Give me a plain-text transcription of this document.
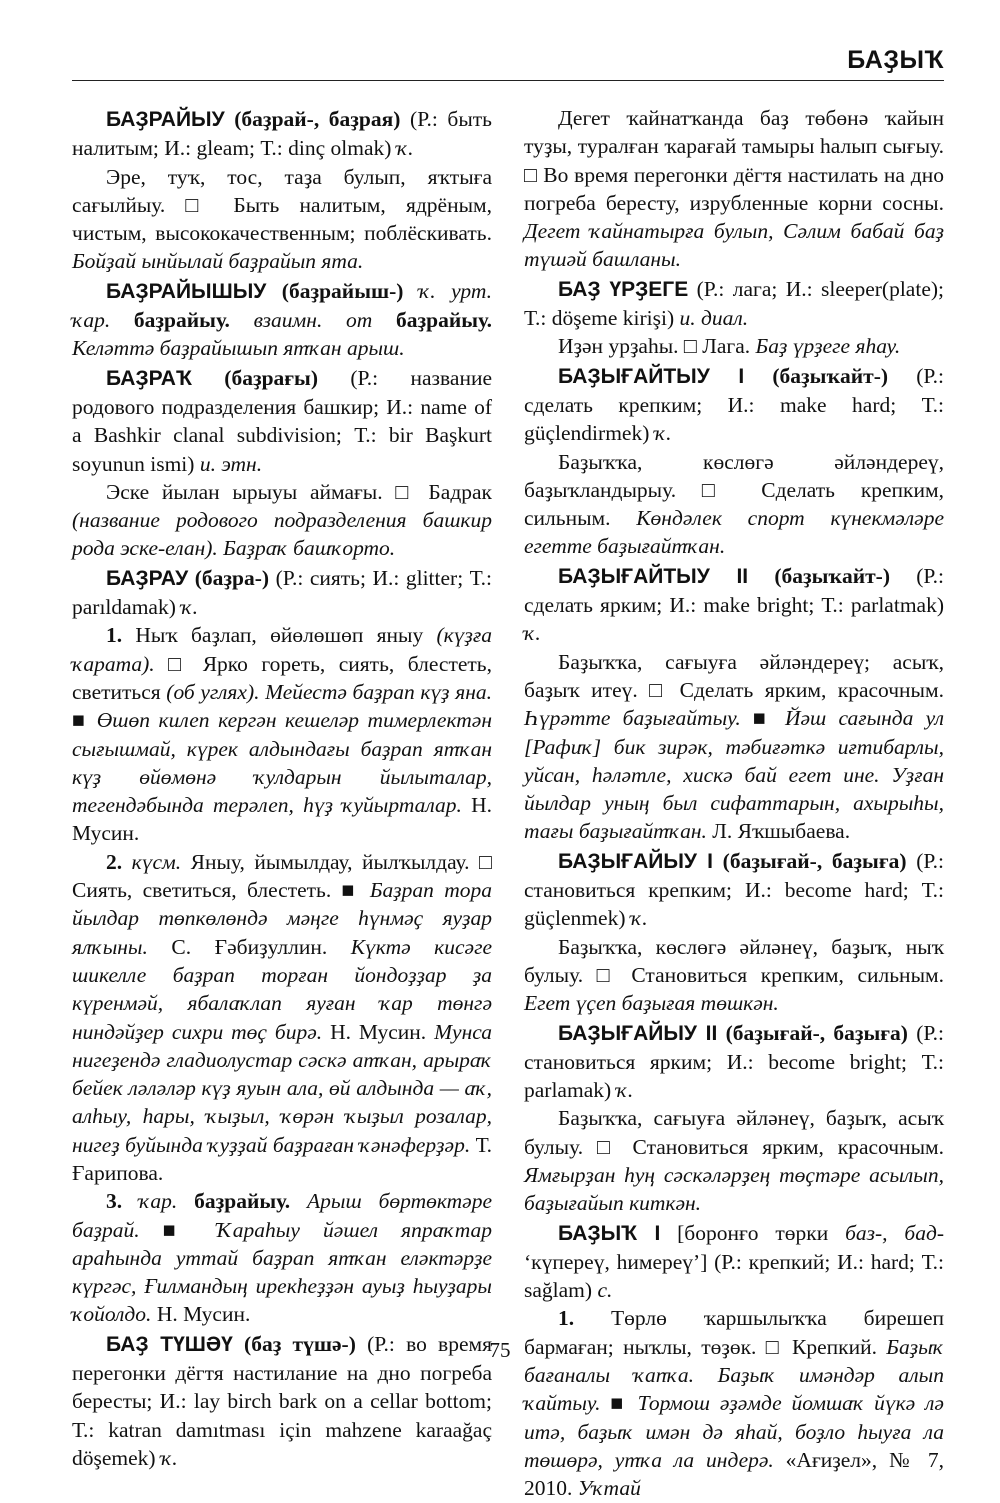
БАҘЫҠ

БАҘРАЙЫУ (баҙрай-, баҙрая) (Р.: быть налитым; И.: gleam; Т.: dinç olmak) ҡ.

Эре, туҡ, тос, таҙа булып, яҡтыға сағылйыу. □ Быть налитым, ядрёным, чистым, высококачественным; поблёскивать. Бойҙай ынйылай баҙрайып ята.

БАҘРАЙЫШЫУ (баҙрайыш-) ҡ. урт. ҡар. баҙрайыу. взаимн. от баҙрайыу. Келәттә баҙрайышып ятҡан арыш.

БАҘРАҠ (баҙрағы) (Р.: название родового подразделения башкир; И.: name of a Bashkir clanal subdivision; Т.: bir Başkurt soyunun ismi) и. этн.

Эске йылан ырыуы аймағы. □ Бадрак (название родового подразделения башкир рода эске-елан). Баҙраҡ башҡорто.

БАҘРАУ (баҙра-) (Р.: сиять; И.: glitter; Т.: parıldamak) ҡ.

1. Ныҡ баҙлап, өйөлөшөп яныу (күҙға ҡарата). □ Ярко гореть, сиять, блестеть, светиться (об углях). Мейестә баҙрап күҙ яна. ■ Өшөп килеп кергән кешеләр тимерлектән сығышмай, күрек алдындағы баҙрап ятҡан күҙ өйөмөнә ҡулдарын йылыталар, тегендәбында терәлеп, һүҙ ҡуйырталар. Н. Мусин.

2. күсм. Яныу, йымылдау, йылҡылдау. □ Сиять, светиться, блестеть. ■ Баҙрап тора йылдар төпкөлөндә мәңге һүнмәҫ яуҙар ялҡыны. С. Ғәбиҙуллин. Күктә кисәге шикелле баҙрап торған йондоҙҙар ҙа күренмәй, ябалаҡлап яуған ҡар төнгә ниндәйҙер сихри төҫ бирә. Н. Мусин. Мунса нигеҙендә гладиолустар сәскә атҡан, арыраҡ бейек ләләләр күҙ яуын ала, өй алдында — аҡ, алһыу, һары, ҡыҙыл, ҡөрән ҡыҙыл розалар, нигеҙ буйында ҡуҙҙай баҙраған ҡәнәферҙәр. Т. Ғарипова.

3. ҡар. баҙрайыу. Арыш бөртөктәре баҙрай. ■ Ҡараһыу йәшел япраҡтар араһында уттай баҙрап ятҡан еләктәрҙе күргәс, Ғилмандың ирекһеҙҙән ауыҙ һыуҙары ҡойолдо. Н. Мусин.

БАҘ ТҮШӘҮ (баҙ түшә-) (Р.: во время перегонки дёгтя настилание на дно погреба бересты; И.: lay birch bark on a cellar bottom; Т.: katran damıtması için mahzene karaağaç döşemek) ҡ.

Дегет ҡайнатҡанда баҙ төбөнә ҡайын туҙы, туралған ҡарағай тамыры һалып сығыу. □ Во время перегонки дёгтя настилать на дно погреба бересту, изрубленные корни сосны. Дегет ҡайнатырға булып, Сәлим бабай баҙ түшәй башланы.

БАҘ ҮРҘЕГЕ (Р.: лага; И.: sleeper(plate); Т.: döşeme kirişi) и. диал.

Иҙән урҙаһы. □ Лага. Баҙ үрҙеге яһау.

БАҘЫҒАЙТЫУ I (баҙыҡайт-) (Р.: сделать крепким; И.: make hard; Т.: güçlendirmek) ҡ.

Баҙыҡҡа, көслөгә әйләндереү, баҙыҡландырыу. □ Сделать крепким, сильным. Көндәлек спорт күнекмәләре егетте баҙығайтҡан.

БАҘЫҒАЙТЫУ II (баҙыҡайт-) (Р.: сделать ярким; И.: make bright; Т.: parlatmak) ҡ.

Баҙыҡҡа, сағыуға әйләндереү; асыҡ, баҙыҡ итеү. □ Сделать ярким, красочным. Һүрәтте баҙығайтыу. ■ Йәш сағында ул [Рафиҡ] бик зирәк, тәбиғәткә иғтибарлы, уйсан, һәләтле, хискә бай егет ине. Уҙған йылдар уның был сифаттарын, ахырыһы, тағы баҙығайтҡан. Л. Яҡшыбаева.

БАҘЫҒАЙЫУ I (баҙығай-, баҙыға) (Р.: становиться крепким; И.: become hard; Т.: güçlenmek) ҡ.

Баҙыҡҡа, көслөгә әйләнеү, баҙыҡ, ныҡ булыу. □ Становиться крепким, сильным. Егет үҫеп баҙығая төшкән.

БАҘЫҒАЙЫУ II (баҙығай-, баҙыға) (Р.: становиться ярким; И.: become bright; Т.: parlamak) ҡ.

Баҙыҡҡа, сағыуға әйләнеү, баҙыҡ, асыҡ булыу. □ Становиться ярким, красочным. Ямғырҙан һуң сәскәләрҙең төҫтәре асылып, баҙығайып киткән.

БАҘЫҠ I [боронғо төрки баз-, бад- ‘күпереү, һимереү’] (Р.: крепкий; И.: hard; Т.: sağlam) с.

1. Төрлө ҡаршылыҡҡа бирешеп бармаған; ныҡлы, төҙөк. □ Крепкий. Баҙыҡ бағаналы ҡапҡа. Баҙыҡ имәндәр алып ҡайтыу. ■ Тормош әҙәмде йомшаҡ йүкә лә итә, баҙыҡ имән дә яһай, боҙло һыуға ла төшөрә, утҡа ла индерә. «Ағиҙел», № 7, 2010. Уҡтай

75
